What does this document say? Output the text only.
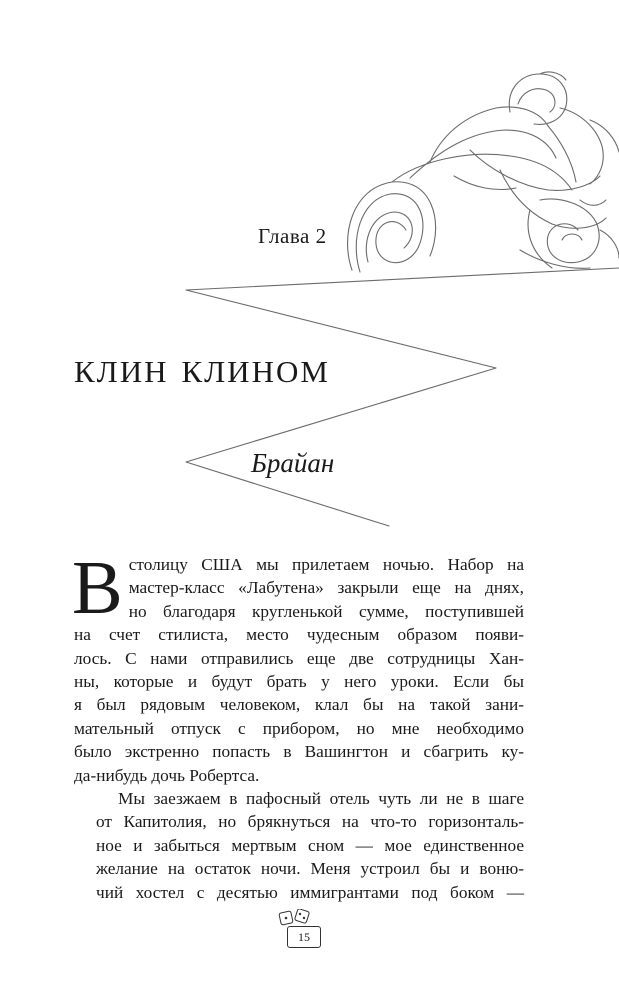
Глава 2
клин клином
Брайан

В столицу США мы прилетаем ночью. Набор на
мастер-класс «Лабутена» закрыли еще на днях,
но благодаря кругленькой сумме, поступившей
на счет стилиста, место чудесным образом появи-
лось. С нами отправились еще две сотрудницы Хан-
ны, которые и будут брать у него уроки. Если бы
я был рядовым человеком, клал бы на такой зани-
мательный отпуск с прибором, но мне необходимо
было экстренно попасть в Вашингтон и сбагрить ку-
да-нибудь дочь Робертса.

Мы заезжаем в пафосный отель чуть ли не в шаге
от Капитолия, но брякнуться на что-то горизонталь-
ное и забыться мертвым сном — мое единственное
желание на остаток ночи. Меня устроил бы и воню-
чий хостел с десятью иммигрантами под боком —

15
